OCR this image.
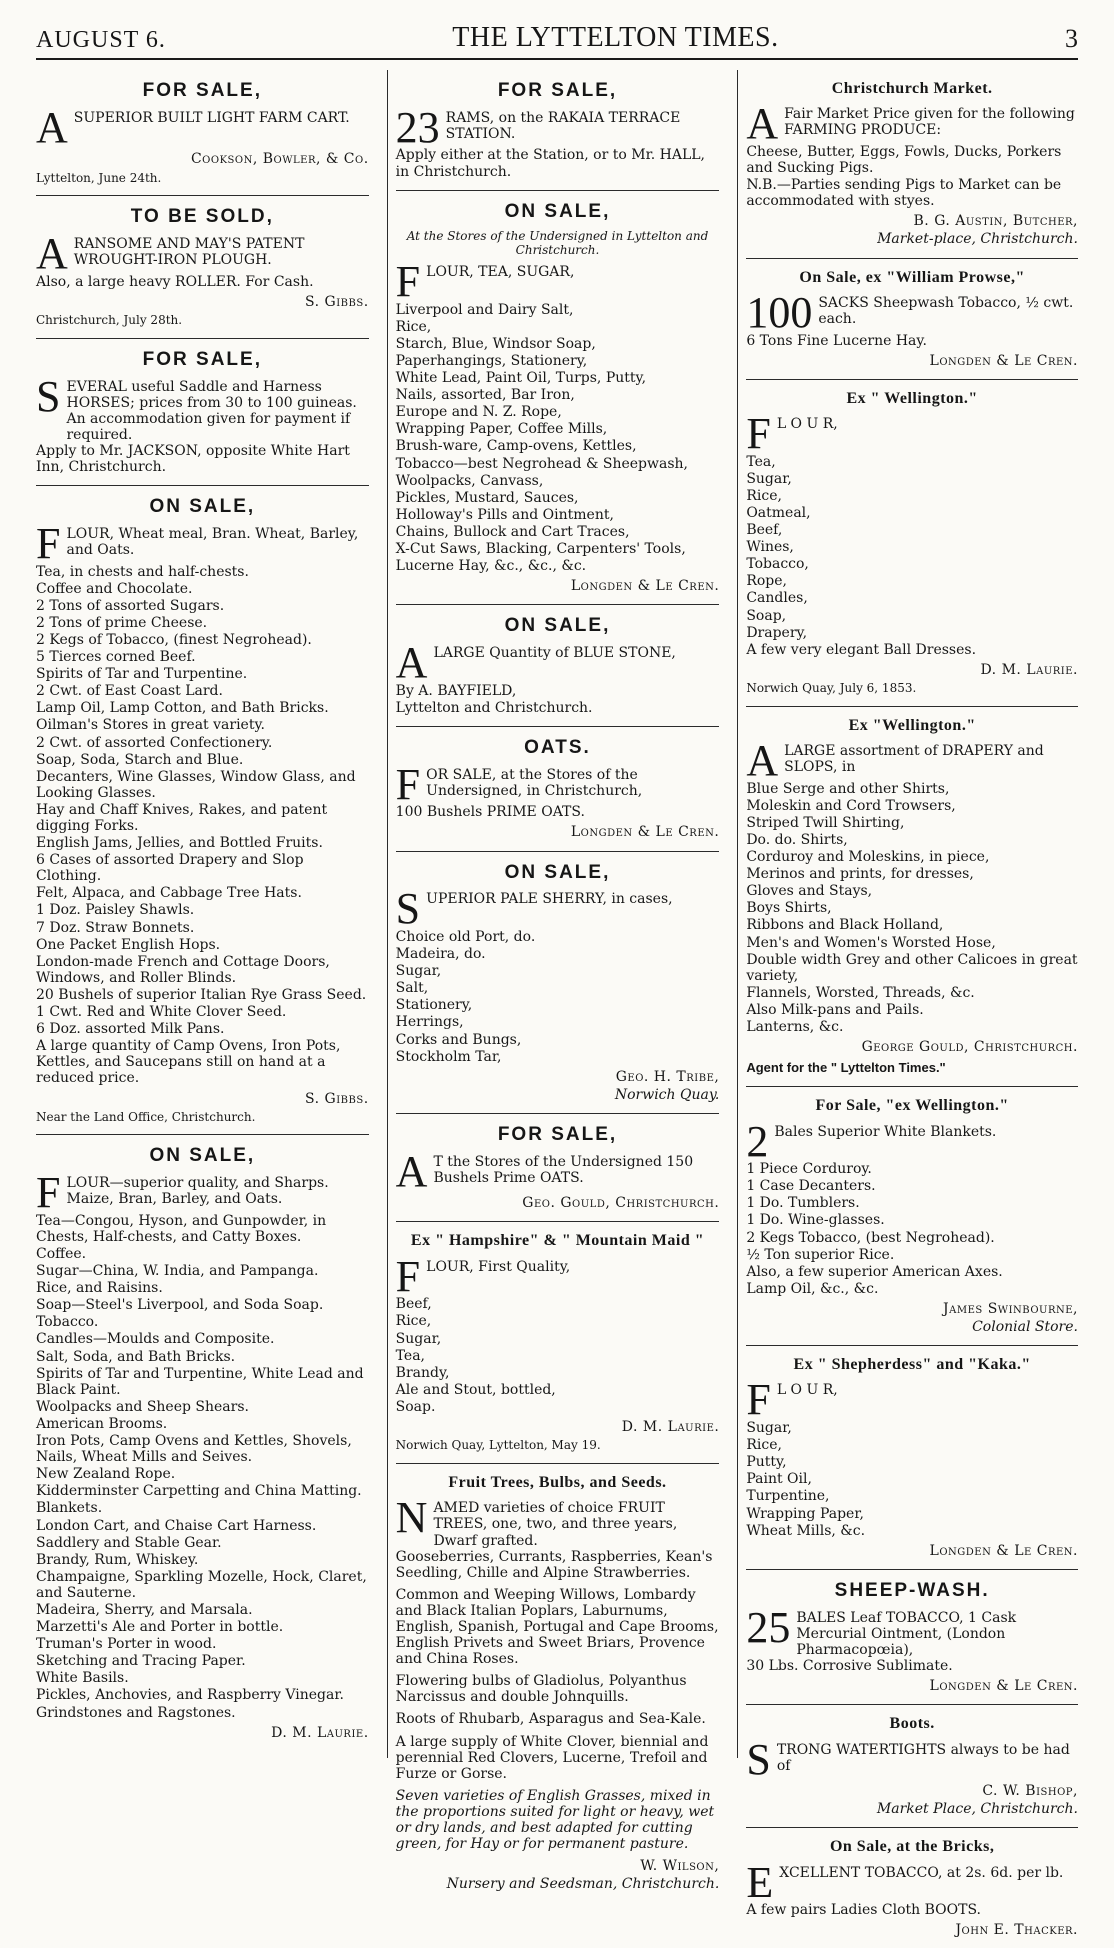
AUGUST 6.	THE LYTTELTON TIMES.	3
FOR SALE,
A SUPERIOR BUILT LIGHT FARM CART.
Cookson, Bowler, & Co.
Lyttelton, June 24th.
TO BE SOLD,
A RANSOME AND MAY'S PATENT WROUGHT-IRON PLOUGH.
Also, a large heavy ROLLER. For Cash.
S. Gibbs.
Christchurch, July 28th.
FOR SALE,
S EVERAL useful Saddle and Harness HORSES; prices from 30 to 100 guineas. An accommodation given for payment if required.
Apply to Mr. JACKSON, opposite White Hart Inn, Christchurch.
ON SALE,
F LOUR, Wheat meal, Bran. Wheat, Barley, and Oats.
Tea, in chests and half-chests.
Coffee and Chocolate.
2 Tons of assorted Sugars.
2 Tons of prime Cheese.
2 Kegs of Tobacco, (finest Negrohead).
5 Tierces corned Beef.
Spirits of Tar and Turpentine.
2 Cwt. of East Coast Lard.
Lamp Oil, Lamp Cotton, and Bath Bricks.
Oilman's Stores in great variety.
2 Cwt. of assorted Confectionery.
Soap, Soda, Starch and Blue.
Decanters, Wine Glasses, Window Glass, and Looking Glasses.
Hay and Chaff Knives, Rakes, and patent digging Forks.
English Jams, Jellies, and Bottled Fruits.
6 Cases of assorted Drapery and Slop Clothing.
Felt, Alpaca, and Cabbage Tree Hats.
1 Doz. Paisley Shawls.
7 Doz. Straw Bonnets.
One Packet English Hops.
London-made French and Cottage Doors, Windows, and Roller Blinds.
20 Bushels of superior Italian Rye Grass Seed.
1 Cwt. Red and White Clover Seed.
6 Doz. assorted Milk Pans.
A large quantity of Camp Ovens, Iron Pots, Kettles, and Saucepans still on hand at a reduced price.
S. Gibbs.
Near the Land Office, Christchurch.
ON SALE,
F LOUR—superior quality, and Sharps. Maize, Bran, Barley, and Oats.
Tea—Congou, Hyson, and Gunpowder, in Chests, Half-chests, and Catty Boxes.
Coffee.
Sugar—China, W. India, and Pampanga.
Rice, and Raisins.
Soap—Steel's Liverpool, and Soda Soap.
Tobacco.
Candles—Moulds and Composite.
Salt, Soda, and Bath Bricks.
Spirits of Tar and Turpentine, White Lead and Black Paint.
Woolpacks and Sheep Shears.
American Brooms.
Iron Pots, Camp Ovens and Kettles, Shovels, Nails, Wheat Mills and Seives.
New Zealand Rope.
Kidderminster Carpetting and China Matting.
Blankets.
London Cart, and Chaise Cart Harness.
Saddlery and Stable Gear.
Brandy, Rum, Whiskey.
Champaigne, Sparkling Mozelle, Hock, Claret, and Sauterne.
Madeira, Sherry, and Marsala.
Marzetti's Ale and Porter in bottle.
Truman's Porter in wood.
Sketching and Tracing Paper.
White Basils.
Pickles, Anchovies, and Raspberry Vinegar.
Grindstones and Ragstones.
D. M. Laurie.
FOR SALE,
23 RAMS, on the RAKAIA TERRACE STATION.
Apply either at the Station, or to Mr. HALL, in Christchurch.
ON SALE,
At the Stores of the Undersigned in Lyttelton and Christchurch.
F LOUR, TEA, SUGAR,
Liverpool and Dairy Salt,
Rice,
Starch, Blue, Windsor Soap,
Paperhangings, Stationery,
White Lead, Paint Oil, Turps, Putty,
Nails, assorted, Bar Iron,
Europe and N. Z. Rope,
Wrapping Paper, Coffee Mills,
Brush-ware, Camp-ovens, Kettles,
Tobacco—best Negrohead & Sheepwash,
Woolpacks, Canvass,
Pickles, Mustard, Sauces,
Holloway's Pills and Ointment,
Chains, Bullock and Cart Traces,
X-Cut Saws, Blacking, Carpenters' Tools,
Lucerne Hay, &c., &c., &c.
Longden & Le Cren.
ON SALE,
A LARGE Quantity of BLUE STONE,
By A. BAYFIELD,
Lyttelton and Christchurch.
OATS.
F OR SALE, at the Stores of the Undersigned, in Christchurch,
100 Bushels PRIME OATS.
Longden & Le Cren.
ON SALE,
S UPERIOR PALE SHERRY, in cases,
Choice old Port, do.
Madeira, do.
Sugar,
Salt,
Stationery,
Herrings,
Corks and Bungs,
Stockholm Tar,
Geo. H. Tribe,
Norwich Quay.
FOR SALE,
A T the Stores of the Undersigned 150 Bushels Prime OATS.
Geo. Gould, Christchurch.
Ex " Hampshire" & " Mountain Maid "
F LOUR, First Quality,
Beef,
Rice,
Sugar,
Tea,
Brandy,
Ale and Stout, bottled,
Soap.
D. M. Laurie.
Norwich Quay, Lyttelton, May 19.
Fruit Trees, Bulbs, and Seeds.
N AMED varieties of choice FRUIT TREES, one, two, and three years, Dwarf grafted.
Gooseberries, Currants, Raspberries, Kean's Seedling, Chille and Alpine Strawberries.
Common and Weeping Willows, Lombardy and Black Italian Poplars, Laburnums, English, Spanish, Portugal and Cape Brooms, English Privets and Sweet Briars, Provence and China Roses.
Flowering bulbs of Gladiolus, Polyanthus Narcissus and double Johnquills.
Roots of Rhubarb, Asparagus and Sea-Kale.
A large supply of White Clover, biennial and perennial Red Clovers, Lucerne, Trefoil and Furze or Gorse.
Seven varieties of English Grasses, mixed in the proportions suited for light or heavy, wet or dry lands, and best adapted for cutting green, for Hay or for permanent pasture.
W. Wilson,
Nursery and Seedsman, Christchurch.
Christchurch Market.
A Fair Market Price given for the following FARMING PRODUCE:
Cheese, Butter, Eggs, Fowls, Ducks, Porkers and Sucking Pigs.
N.B.—Parties sending Pigs to Market can be accommodated with styes.
B. G. Austin, Butcher,
Market-place, Christchurch.
On Sale, ex "William Prowse,"
100 SACKS Sheepwash Tobacco, ½ cwt. each.
6 Tons Fine Lucerne Hay.
Longden & Le Cren.
Ex " Wellington."
F L O U R,
Tea,
Sugar,
Rice,
Oatmeal,
Beef,
Wines,
Tobacco,
Rope,
Candles,
Soap,
Drapery,
A few very elegant Ball Dresses.
D. M. Laurie.
Norwich Quay, July 6, 1853.
Ex "Wellington."
A LARGE assortment of DRAPERY and SLOPS, in
Blue Serge and other Shirts,
Moleskin and Cord Trowsers,
Striped Twill Shirting,
Do. do. Shirts,
Corduroy and Moleskins, in piece,
Merinos and prints, for dresses,
Gloves and Stays,
Boys Shirts,
Ribbons and Black Holland,
Men's and Women's Worsted Hose,
Double width Grey and other Calicoes in great variety,
Flannels, Worsted, Threads, &c.
Also Milk-pans and Pails.
Lanterns, &c.
George Gould, Christchurch.
Agent for the " Lyttelton Times."
For Sale, "ex Wellington."
2 Bales Superior White Blankets.
1 Piece Corduroy.
1 Case Decanters.
1 Do. Tumblers.
1 Do. Wine-glasses.
2 Kegs Tobacco, (best Negrohead).
½ Ton superior Rice.
Also, a few superior American Axes.
Lamp Oil, &c., &c.
James Swinbourne,
Colonial Store.
Ex " Shepherdess" and "Kaka."
F L O U R,
Sugar,
Rice,
Putty,
Paint Oil,
Turpentine,
Wrapping Paper,
Wheat Mills, &c.
Longden & Le Cren.
SHEEP-WASH.
25 BALES Leaf TOBACCO, 1 Cask Mercurial Ointment, (London Pharmacopœia),
30 Lbs. Corrosive Sublimate.
Longden & Le Cren.
Boots.
S TRONG WATERTIGHTS always to be had of
C. W. Bishop,
Market Place, Christchurch.
On Sale, at the Bricks,
E XCELLENT TOBACCO, at 2s. 6d. per lb.
A few pairs Ladies Cloth BOOTS.
John E. Thacker.
